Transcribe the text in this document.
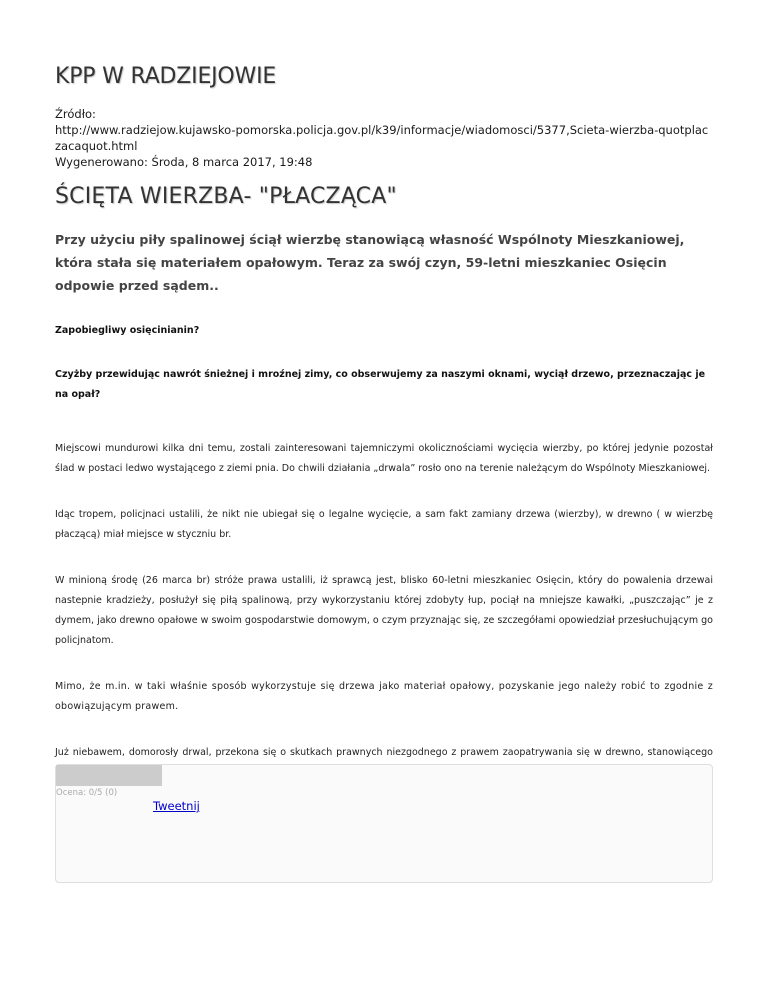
KPP W RADZIEJOWIE
Źródło:
http://www.radziejow.kujawsko-pomorska.policja.gov.pl/k39/informacje/wiadomosci/5377,Scieta-wierzba-quotplaczacaquot.html
Wygenerowano: Środa, 8 marca 2017, 19:48
ŚCIĘTA WIERZBA- "PŁACZĄCA"
Przy użyciu piły spalinowej ściął wierzbę stanowiącą własność Wspólnoty Mieszkaniowej, która stała się materiałem opałowym. Teraz za swój czyn, 59-letni mieszkaniec Osięcin odpowie przed sądem..
Zapobiegliwy osięcinianin?
Czyżby przewidując nawrót śnieżnej i mroźnej zimy, co obserwujemy za naszymi oknami, wyciął drzewo, przeznaczając je na opał?
Miejscowi mundurowi kilka dni temu, zostali zainteresowani tajemniczymi okolicznościami wycięcia wierzby, po której jedynie pozostał ślad w postaci ledwo wystającego z ziemi pnia. Do chwili działania „drwala” rosło ono na terenie należącym do Wspólnoty Mieszkaniowej.
Idąc tropem, policjnaci ustalili, że nikt nie ubiegał się o legalne wycięcie, a sam fakt zamiany drzewa (wierzby), w drewno ( w wierzbę płaczącą) miał miejsce w styczniu br.
W minioną środę (26 marca br) stróże prawa ustalili, iż sprawcą jest, blisko 60-letni mieszkaniec Osięcin, który do powalenia drzewai nastepnie kradzieży, posłużył się piłą spalinową, przy wykorzystaniu której zdobyty łup, pociął na mniejsze kawałki, „puszczając” je z dymem, jako drewno opałowe w swoim gospodarstwie domowym, o czym przyznając się, ze szczegółami opowiedział przesłuchującym go policjnatom.
Mimo, że m.in. w taki właśnie sposób wykorzystuje się drzewa jako materiał opałowy, pozyskanie jego należy robić to zgodnie z obowiązującym prawem.
Już niebawem, domorosły drwal, przekona się o skutkach prawnych niezgodnego z prawem zaopatrywania się w drewno, stanowiącego
Ocena: 0/5 (0)
Tweetnij
